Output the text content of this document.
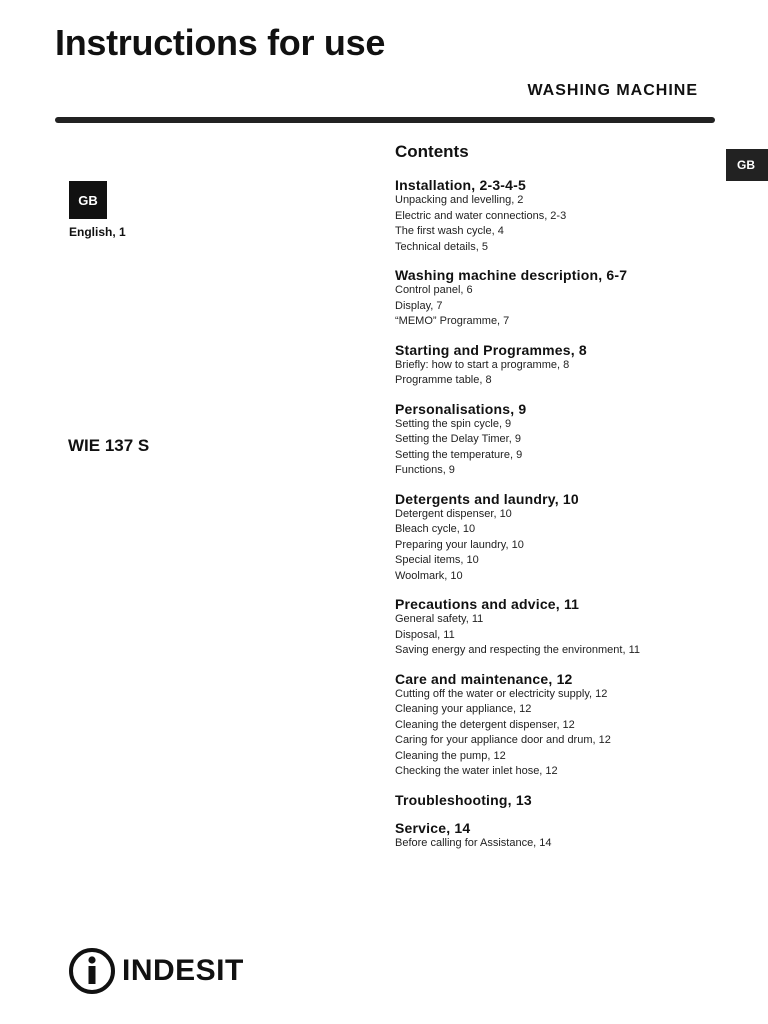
Instructions for use
WASHING MACHINE
GB
GB
English, 1
WIE 137 S
Contents
Installation, 2-3-4-5
Unpacking and levelling, 2
Electric and water connections, 2-3
The first wash cycle, 4
Technical details, 5
Washing machine description, 6-7
Control panel, 6
Display, 7
“MEMO” Programme, 7
Starting and Programmes, 8
Briefly: how to start a programme, 8
Programme table, 8
Personalisations, 9
Setting the spin cycle, 9
Setting the Delay Timer, 9
Setting the temperature, 9
Functions, 9
Detergents and laundry, 10
Detergent dispenser, 10
Bleach cycle, 10
Preparing your laundry, 10
Special items, 10
Woolmark, 10
Precautions and advice, 11
General safety, 11
Disposal, 11
Saving energy and respecting the environment, 11
Care and maintenance, 12
Cutting off the water or electricity supply, 12
Cleaning your appliance, 12
Cleaning the detergent dispenser, 12
Caring for your appliance door and drum, 12
Cleaning the pump, 12
Checking the water inlet hose, 12
Troubleshooting, 13
Service, 14
Before calling for Assistance, 14
INDESIT
